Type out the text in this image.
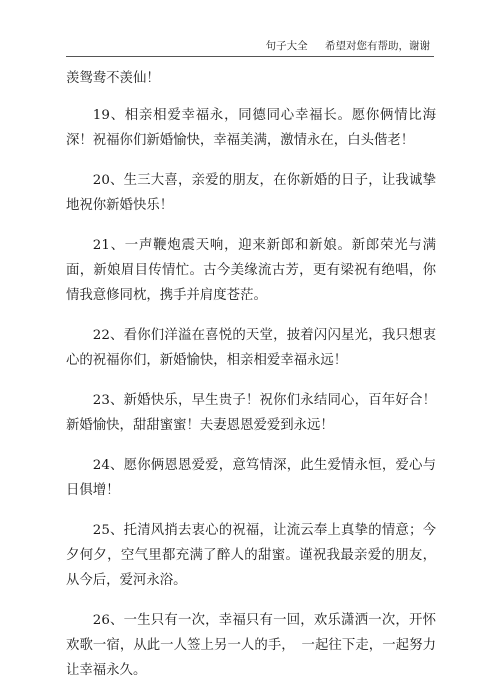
句子大全 希望对您有帮助，谢谢

羡鸳鸯不羡仙！

19、相亲相爱幸福永，同德同心幸福长。愿你俩情比海深！祝福你们新婚愉快，幸福美满，激情永在，白头偕老！

20、生三大喜，亲爱的朋友，在你新婚的日子，让我诚挚地祝你新婚快乐！

21、一声鞭炮震天响，迎来新郎和新娘。新郎荣光与满面，新娘眉目传情忙。古今美缘流古芳，更有梁祝有绝唱，你情我意修同枕，携手并肩度苍茫。

22、看你们洋溢在喜悦的天堂，披着闪闪星光，我只想衷心的祝福你们，新婚愉快，相亲相爱幸福永远！

23、新婚快乐，早生贵子！祝你们永结同心，百年好合！新婚愉快，甜甜蜜蜜！夫妻恩恩爱爱到永远！

24、愿你俩恩恩爱爱，意笃情深，此生爱情永恒，爱心与日俱增！

25、托清风捎去衷心的祝福，让流云奉上真挚的情意；今夕何夕，空气里都充满了醉人的甜蜜。谨祝我最亲爱的朋友，从今后，爱河永浴。

26、一生只有一次，幸福只有一回，欢乐潇洒一次，开怀欢歌一宿，从此一人签上另一人的手，　一起往下走，一起努力让幸福永久。
